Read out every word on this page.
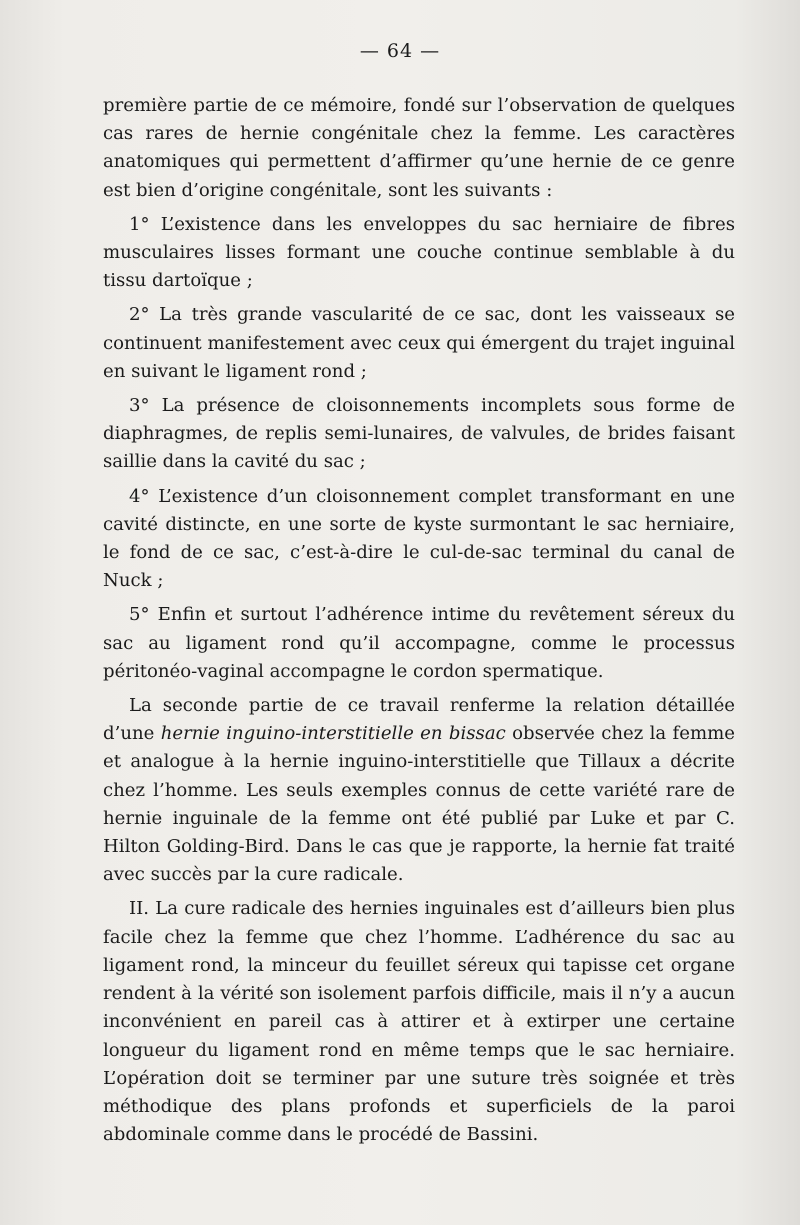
— 64 —

première partie de ce mémoire, fondé sur l’observation de quelques cas rares de hernie congénitale chez la femme. Les caractères anatomiques qui permettent d’affirmer qu’une hernie de ce genre est bien d’origine congénitale, sont les suivants :

1° L’existence dans les enveloppes du sac herniaire de fibres musculaires lisses formant une couche continue semblable à du tissu dartoïque ;

2° La très grande vascularité de ce sac, dont les vaisseaux se continuent manifestement avec ceux qui émergent du trajet inguinal en suivant le ligament rond ;

3° La présence de cloisonnements incomplets sous forme de diaphragmes, de replis semi-lunaires, de valvules, de brides faisant saillie dans la cavité du sac ;

4° L’existence d’un cloisonnement complet transformant en une cavité distincte, en une sorte de kyste surmontant le sac herniaire, le fond de ce sac, c’est-à-dire le cul-de-sac terminal du canal de Nuck ;

5° Enfin et surtout l’adhérence intime du revêtement séreux du sac au ligament rond qu’il accompagne, comme le processus péritonéo-vaginal accompagne le cordon spermatique.

La seconde partie de ce travail renferme la relation détaillée d’une hernie inguino-interstitielle en bissac observée chez la femme et analogue à la hernie inguino-interstitielle que Tillaux a décrite chez l’homme. Les seuls exemples connus de cette variété rare de hernie inguinale de la femme ont été publié par Luke et par C. Hilton Golding-Bird. Dans le cas que je rapporte, la hernie fat traité avec succès par la cure radicale.

II. La cure radicale des hernies inguinales est d’ailleurs bien plus facile chez la femme que chez l’homme. L’adhérence du sac au ligament rond, la minceur du feuillet séreux qui tapisse cet organe rendent à la vérité son isolement parfois difficile, mais il n’y a aucun inconvénient en pareil cas à attirer et à extirper une certaine longueur du ligament rond en même temps que le sac herniaire. L’opération doit se terminer par une suture très soignée et très méthodique des plans profonds et superficiels de la paroi abdominale comme dans le procédé de Bassini.
